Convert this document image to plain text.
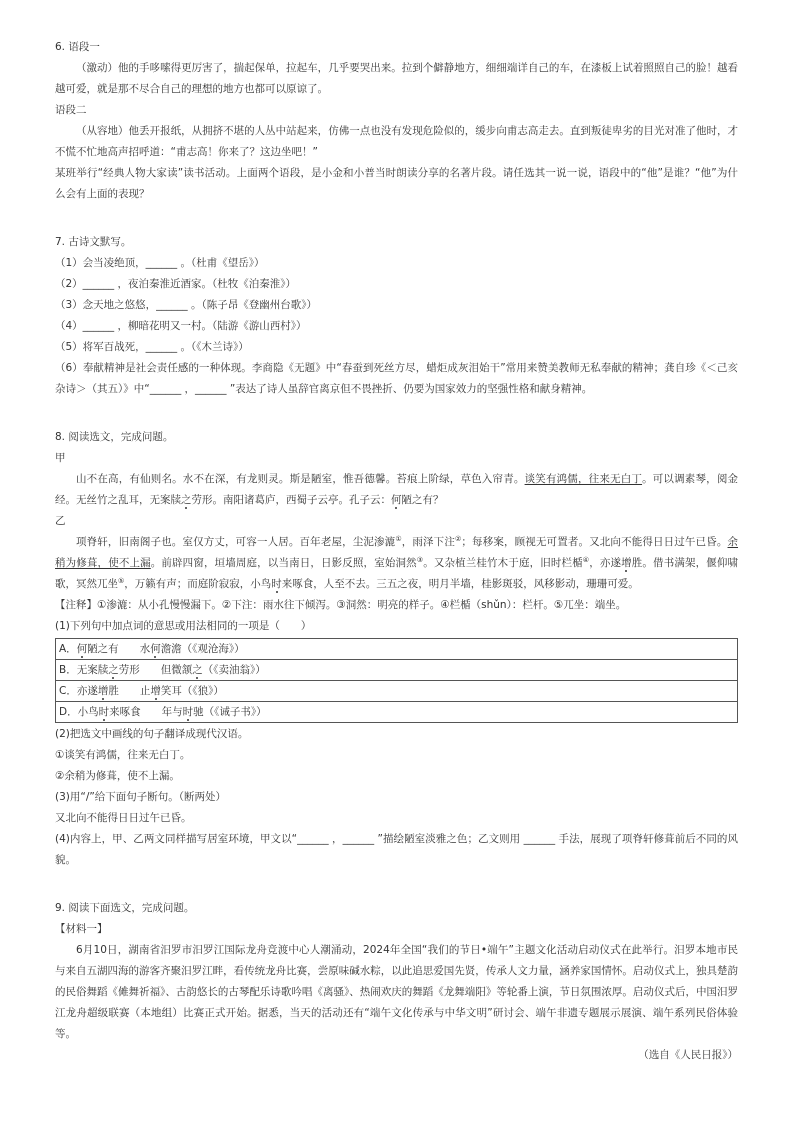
6. 语段一

（激动）他的手哆嗦得更厉害了，揣起保单，拉起车，几乎要哭出来。拉到个僻静地方，细细端详自己的车，在漆板上试着照照自己的脸！越看越可爱，就是那不尽合自己的理想的地方也都可以原谅了。

语段二

（从容地）他丢开报纸，从拥挤不堪的人丛中站起来，仿佛一点也没有发现危险似的，缓步向甫志高走去。直到叛徒卑劣的目光对准了他时，才不慌不忙地高声招呼道：“甫志高！你来了？这边坐吧！”

某班举行“经典人物大家读”读书活动。上面两个语段，是小金和小普当时朗读分享的名著片段。请任选其一说一说，语段中的“他”是谁？“他”为什么会有上面的表现？

7. 古诗文默写。

（1）会当凌绝顶，______ 。（杜甫《望岳》）

（2）______ ，夜泊秦淮近酒家。（杜牧《泊秦淮》）

（3）念天地之悠悠，______ 。（陈子昂《登幽州台歌》）

（4）______ ，柳暗花明又一村。（陆游《游山西村》）

（5）将军百战死，______ 。（《木兰诗》）

（6）奉献精神是社会责任感的一种体现。李商隐《无题》中“春蚕到死丝方尽，蜡炬成灰泪始干”常用来赞美教师无私奉献的精神；龚自珍《＜己亥杂诗＞（其五）》中“______ ，______ ”表达了诗人虽辞官离京但不畏挫折、仍要为国家效力的坚强性格和献身精神。

8. 阅读选文，完成问题。

甲

山不在高，有仙则名。水不在深，有龙则灵。斯是陋室，惟吾德馨。苔痕上阶绿，草色入帘青。谈笑有鸿儒，往来无白丁。可以调素琴，阅金经。无丝竹之乱耳，无案牍之劳形。南阳诸葛庐，西蜀子云亭。孔子云：何陋之有？

乙

项脊轩，旧南阁子也。室仅方丈，可容一人居。百年老屋，尘泥渗漉①，雨泽下注②；每移案，顾视无可置者。又北向不能得日日过午已昏。余稍为修葺，使不上漏。前辟四窗，垣墙周庭，以当南日，日影反照，室始洞然③。又杂植兰桂竹木于庭，旧时栏楯④，亦遂增胜。借书满架，偃仰啸歌，冥然兀坐⑤，万籁有声；而庭阶寂寂，小鸟时来啄食，人至不去。三五之夜，明月半墙，桂影斑驳，风移影动，珊珊可爱。

【注释】①渗漉：从小孔慢慢漏下。②下注：雨水往下倾泻。③洞然：明亮的样子。④栏楯（shǔn）：栏杆。⑤兀坐：端坐。

(1)下列句中加点词的意思或用法相同的一项是（　　）

A．何陋之有 水何澹澹（《观沧海》）
B．无案牍之劳形 但微颔之（《卖油翁》）
C．亦遂增胜 止增笑耳（《狼》）
D．小鸟时来啄食 年与时驰（《诫子书》）

(2)把选文中画线的句子翻译成现代汉语。

①谈笑有鸿儒，往来无白丁。

②余稍为修葺，使不上漏。

(3)用“/”给下面句子断句。（断两处）

又北向不能得日日过午已昏。

(4)内容上，甲、乙两文同样描写居室环境，甲文以“______ ，______ ”描绘陋室淡雅之色；乙文则用 ______ 手法，展现了项脊轩修葺前后不同的风貌。

9. 阅读下面选文，完成问题。

【材料一】

6月10日，湖南省汨罗市汨罗江国际龙舟竞渡中心人潮涌动，2024年全国“我们的节日•端午”主题文化活动启动仪式在此举行。汨罗本地市民与来自五湖四海的游客齐聚汨罗江畔，看传统龙舟比赛，尝原味碱水粽，以此追思爱国先贤，传承人文力量，涵养家国情怀。启动仪式上，独具楚韵的民俗舞蹈《傩舞祈福》、古韵悠长的古琴配乐诗歌吟唱《离骚》、热闹欢庆的舞蹈《龙舞端阳》等轮番上演，节日氛围浓厚。启动仪式后，中国汨罗江龙舟超级联赛（本地组）比赛正式开始。据悉，当天的活动还有“端午文化传承与中华文明”研讨会、端午非遗专题展示展演、端午系列民俗体验等。

（选自《人民日报》）
